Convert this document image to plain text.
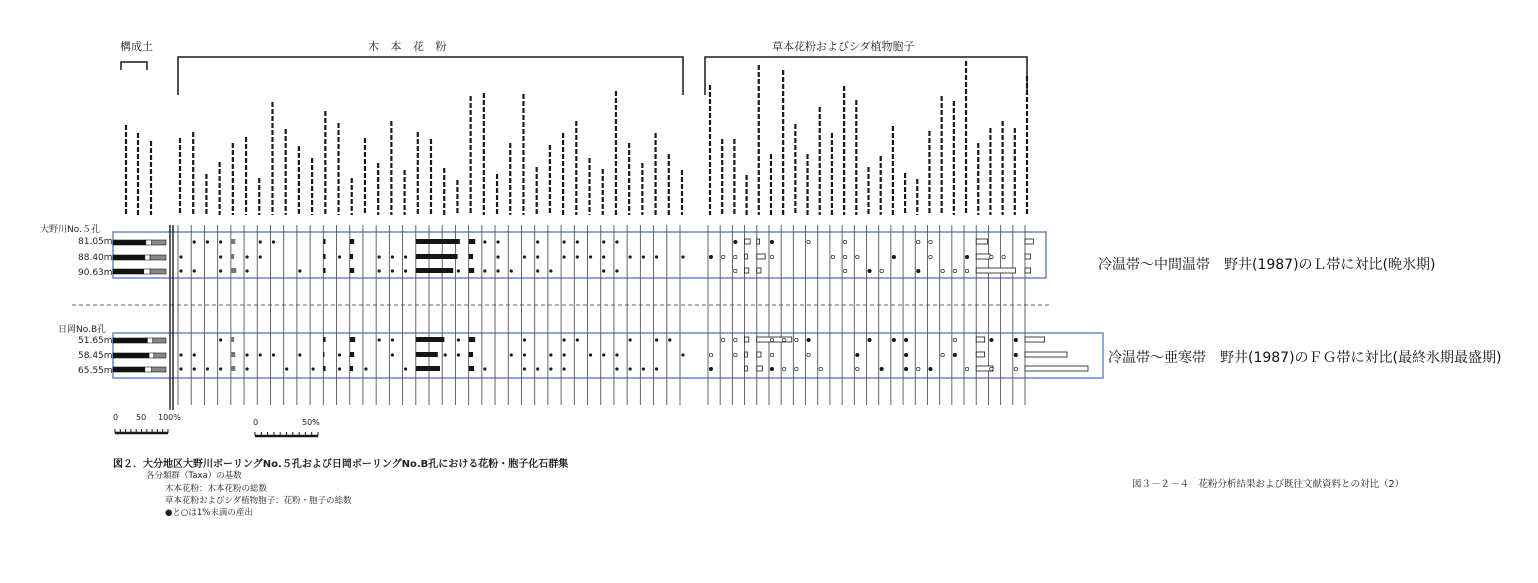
構成土	木 本 花 粉	草本花粉およびシダ植物胞子
大野川No.５孔
日岡No.B孔
81.05m
88.40m
90.63m
51.65m
58.45m
65.55m
冷温帯～中間温帯　野井(1987)のＬ帯に対比(晩氷期)
冷温帯～亜寒帯　野井(1987)のＦＧ帯に対比(最終氷期最盛期)
0 50 100%
0	50%
図２．大分地区大野川ボーリングNo.５孔および日岡ボーリングNo.B孔における花粉・胞子化石群集
各分類群（Taxa）の基数
木本花粉：木本花粉の総数
草本花粉およびシダ植物胞子：花粉・胞子の総数
●と○は1%未満の産出
図３－２－４　花粉分析結果および既往文献資料との対比（2）
